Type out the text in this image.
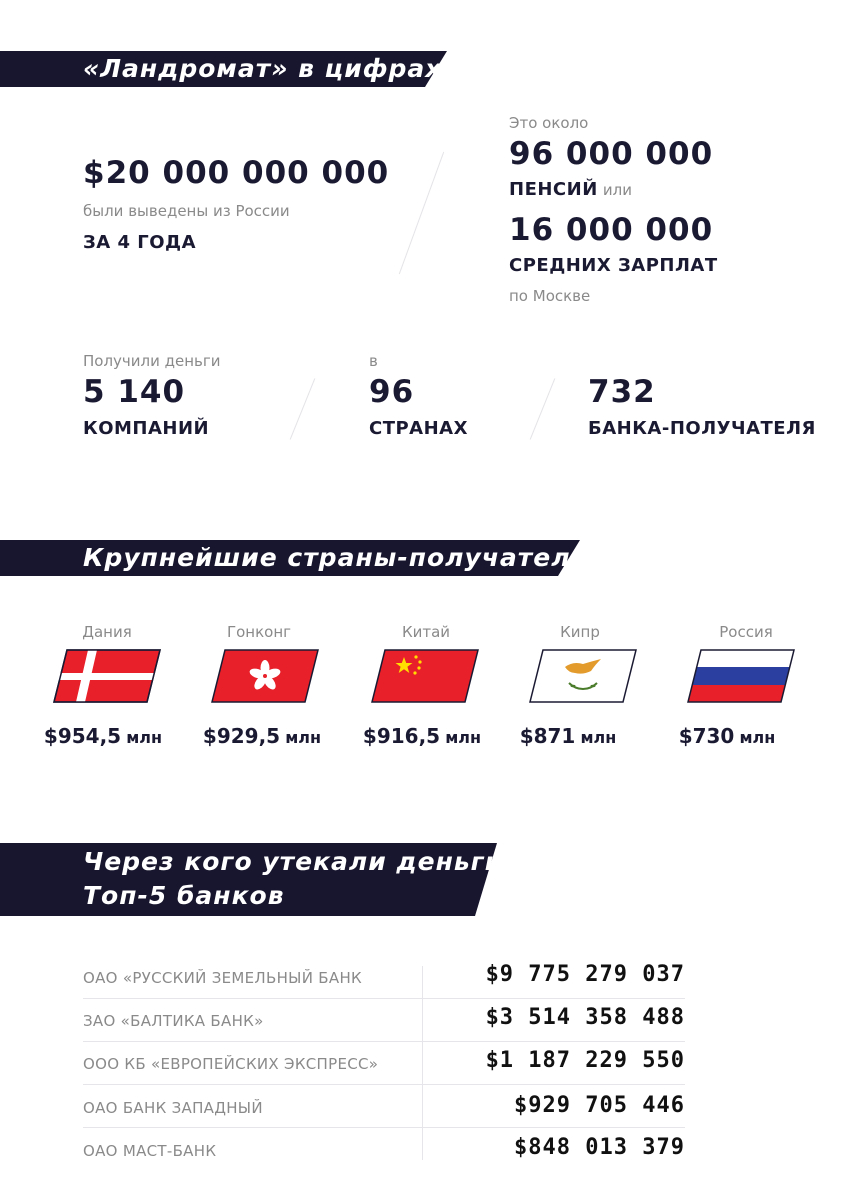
«Ландромат» в цифрах
$20 000 000 000
были выведены из России
ЗА 4 ГОДА
Это около
96 000 000
ПЕНСИЙ или
16 000 000
СРЕДНИХ ЗАРПЛАТ
по Москве
Получили деньги
5 140
КОМПАНИЙ
в
96
СТРАНАХ
732
БАНКА-ПОЛУЧАТЕЛЯ
Крупнейшие страны-получатели
Дания
$954,5 млн
Гонконг
$929,5 млн
Китай
$916,5 млн
Кипр
$871 млн
Россия
$730 млн
Через кого утекали деньги.
Топ-5 банков
ОАО «РУССКИЙ ЗЕМЕЛЬНЫЙ БАНК	$9 775 279 037
ЗАО «БАЛТИКА БАНК»	$3 514 358 488
ООО КБ «ЕВРОПЕЙСКИХ ЭКСПРЕСС»	$1 187 229 550
ОАО БАНК ЗАПАДНЫЙ	$929 705 446
ОАО МАСТ-БАНК	$848 013 379
